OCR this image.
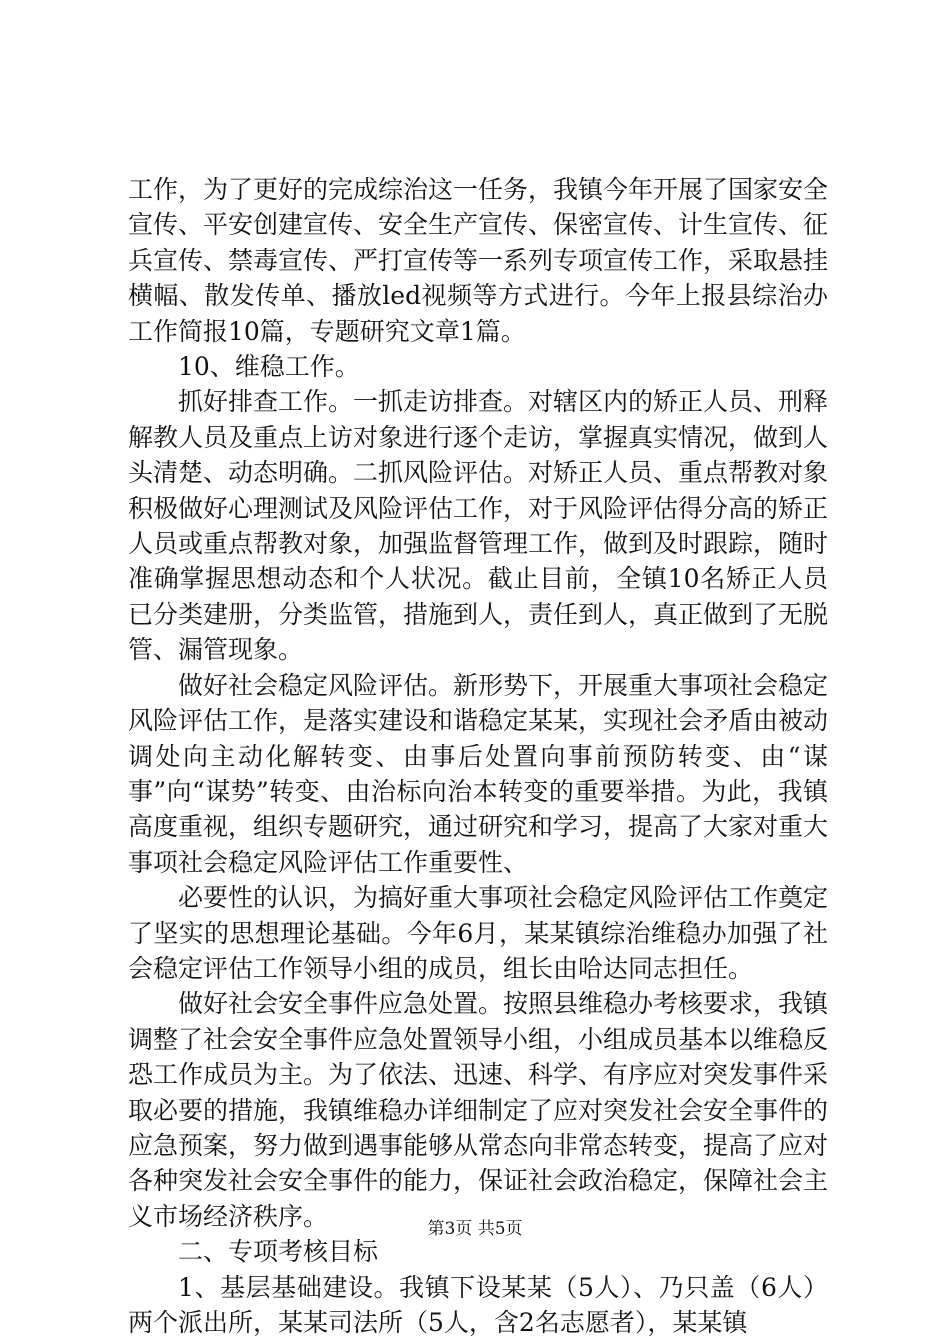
工作，为了更好的完成综治这一任务，我镇今年开展了国家安全宣传、平安创建宣传、安全生产宣传、保密宣传、计生宣传、征兵宣传、禁毒宣传、严打宣传等一系列专项宣传工作，采取悬挂横幅、散发传单、播放led视频等方式进行。今年上报县综治办工作简报10篇，专题研究文章1篇。

10、维稳工作。

抓好排查工作。一抓走访排查。对辖区内的矫正人员、刑释解教人员及重点上访对象进行逐个走访，掌握真实情况，做到人头清楚、动态明确。二抓风险评估。对矫正人员、重点帮教对象积极做好心理测试及风险评估工作，对于风险评估得分高的矫正人员或重点帮教对象，加强监督管理工作，做到及时跟踪，随时准确掌握思想动态和个人状况。截止目前，全镇10名矫正人员已分类建册，分类监管，措施到人，责任到人，真正做到了无脱管、漏管现象。

做好社会稳定风险评估。新形势下，开展重大事项社会稳定风险评估工作，是落实建设和谐稳定某某，实现社会矛盾由被动调处向主动化解转变、由事后处置向事前预防转变、由“谋事”向“谋势”转变、由治标向治本转变的重要举措。为此，我镇高度重视，组织专题研究，通过研究和学习，提高了大家对重大事项社会稳定风险评估工作重要性、

必要性的认识，为搞好重大事项社会稳定风险评估工作奠定了坚实的思想理论基础。今年6月，某某镇综治维稳办加强了社会稳定评估工作领导小组的成员，组长由哈达同志担任。

做好社会安全事件应急处置。按照县维稳办考核要求，我镇调整了社会安全事件应急处置领导小组，小组成员基本以维稳反恐工作成员为主。为了依法、迅速、科学、有序应对突发事件采取必要的措施，我镇维稳办详细制定了应对突发社会安全事件的应急预案，努力做到遇事能够从常态向非常态转变，提高了应对各种突发社会安全事件的能力，保证社会政治稳定，保障社会主义市场经济秩序。

二、专项考核目标

1、基层基础建设。我镇下设某某（5人）、乃只盖（6人）两个派出所，某某司法所（5人，含2名志愿者），某某镇

第3页 共5页
